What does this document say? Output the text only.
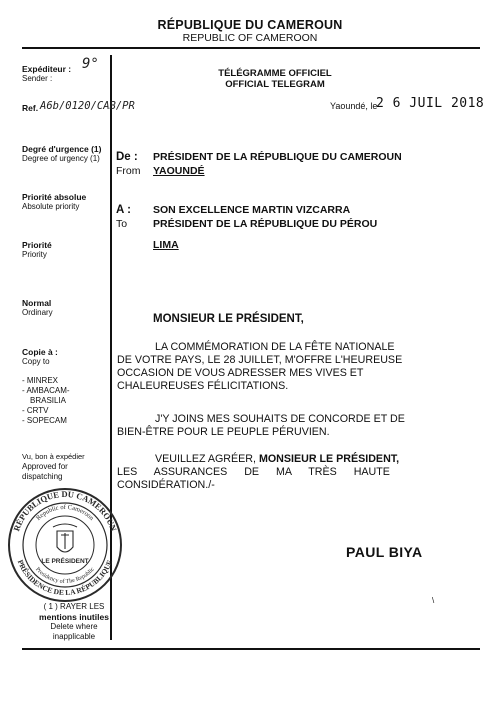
RÉPUBLIQUE DU CAMEROUN
REPUBLIC OF CAMEROON
Expéditeur :
Sender :
9°
Ref. A6b/0120/CAB/PR
Degré d'urgence (1)
Degree of urgency (1)
Priorité absolue
Absolute priority
Priorité
Priority
Normal
Ordinary
Copie à :
Copy to
- MINREX
- AMBACAM-
BRASILIA
- CRTV
- SOPECAM
Vu, bon à expédier
Approved for
dispatching
RÉPUBLIQUE DU CAMEROUN
PRÉSIDENCE DE LA RÉPUBLIQUE
Republic of Cameroon
Presidency of The Republic
LE PRÉSIDENT
( 1 ) RAYER LES
mentions inutiles
Delete where
inapplicable
TÉLÉGRAMME OFFICIEL
OFFICIAL TELEGRAM
Yaoundé, le
2 6 JUIL 2018
De :
From
PRÉSIDENT DE LA RÉPUBLIQUE DU CAMEROUN
YAOUNDÉ
A :
To
SON EXCELLENCE MARTIN VIZCARRA
PRÉSIDENT DE LA RÉPUBLIQUE DU PÉROU
LIMA
MONSIEUR LE PRÉSIDENT,
LA COMMÉMORATION DE LA FÊTE NATIONALE
DE VOTRE PAYS, LE 28 JUILLET, M'OFFRE L'HEUREUSE
OCCASION DE VOUS ADRESSER MES VIVES ET
CHALEUREUSES FÉLICITATIONS.
J'Y JOINS MES SOUHAITS DE CONCORDE ET DE
BIEN-ÊTRE POUR LE PEUPLE PÉRUVIEN.
VEUILLEZ AGRÉER, MONSIEUR LE PRÉSIDENT,
LES ASSURANCES DE MA TRÈS HAUTE
CONSIDÉRATION./-
PAUL BIYA
\
